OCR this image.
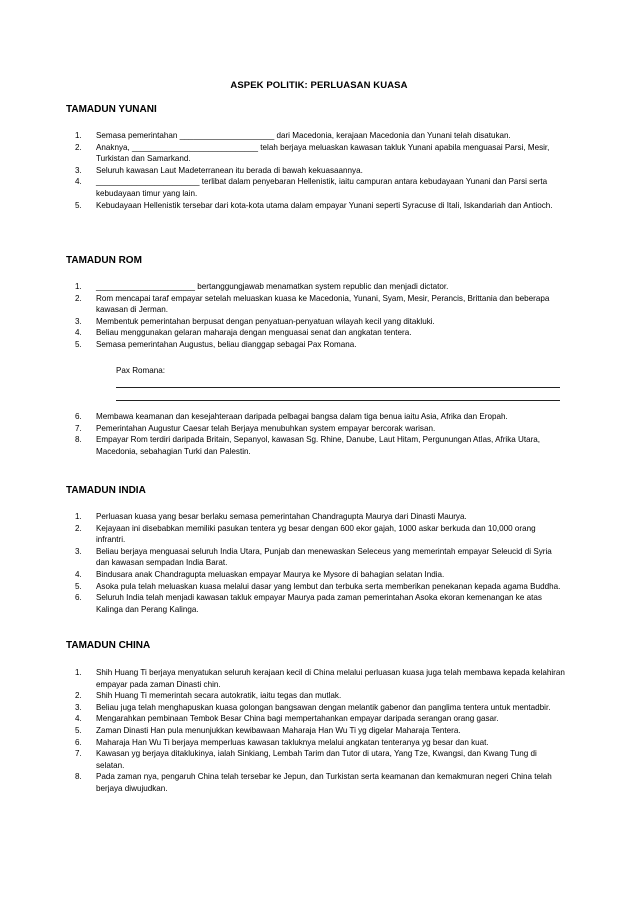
ASPEK POLITIK: PERLUASAN KUASA
TAMADUN YUNANI
1. Semasa pemerintahan _____________________ dari Macedonia, kerajaan Macedonia dan Yunani telah disatukan.
2. Anaknya, ____________________________ telah berjaya meluaskan kawasan takluk Yunani apabila menguasai Parsi, Mesir, Turkistan dan Samarkand.
3. Seluruh kawasan Laut Madeterranean itu berada di bawah kekuasaannya.
4. _______________________ terlibat dalam penyebaran Hellenistik, iaitu campuran antara kebudayaan Yunani dan Parsi serta kebudayaan timur yang lain.
5. Kebudayaan Hellenistik tersebar dari kota-kota utama dalam empayar Yunani seperti Syracuse di Itali, Iskandariah dan Antioch.
TAMADUN ROM
1. ______________________ bertanggungjawab menamatkan system republic dan menjadi dictator.
2. Rom mencapai taraf empayar setelah meluaskan kuasa ke Macedonia, Yunani, Syam, Mesir, Perancis, Brittania dan beberapa kawasan di Jerman.
3. Membentuk pemerintahan berpusat dengan penyatuan-penyatuan wilayah kecil yang ditakluki.
4. Beliau menggunakan gelaran maharaja dengan menguasai senat dan angkatan tentera.
5. Semasa pemerintahan Augustus, beliau dianggap sebagai Pax Romana.
Pax Romana:
6. Membawa keamanan dan kesejahteraan daripada pelbagai bangsa dalam tiga benua iaitu Asia, Afrika dan Eropah.
7. Pemerintahan Augustur Caesar telah Berjaya menubuhkan system empayar bercorak warisan.
8. Empayar Rom terdiri daripada Britain, Sepanyol, kawasan Sg. Rhine, Danube, Laut Hitam, Pergunungan Atlas, Afrika Utara, Macedonia, sebahagian Turki dan Palestin.
TAMADUN INDIA
1. Perluasan kuasa yang besar berlaku semasa pemerintahan Chandragupta Maurya dari Dinasti Maurya.
2. Kejayaan ini disebabkan memiliki pasukan tentera yg besar dengan 600 ekor gajah, 1000 askar berkuda dan 10,000 orang infrantri.
3. Beliau berjaya menguasai seluruh India Utara, Punjab dan menewaskan Seleceus yang memerintah empayar Seleucid di Syria dan kawasan sempadan India Barat.
4. Bindusara anak Chandragupta meluaskan empayar Maurya ke Mysore di bahagian selatan India.
5. Asoka pula telah meluaskan kuasa melalui dasar yang lembut dan terbuka serta memberikan penekanan kepada agama Buddha.
6. Seluruh India telah menjadi kawasan takluk empayar Maurya pada zaman pemerintahan Asoka ekoran kemenangan ke atas Kalinga dan Perang Kalinga.
TAMADUN CHINA
1. Shih Huang Ti berjaya menyatukan seluruh kerajaan kecil di China melalui perluasan kuasa juga telah membawa kepada kelahiran empayar pada zaman Dinasti chin.
2. Shih Huang Ti memerintah secara autokratik, iaitu tegas dan mutlak.
3. Beliau juga telah menghapuskan kuasa golongan bangsawan dengan melantik gabenor dan panglima tentera untuk mentadbir.
4. Mengarahkan pembinaan Tembok Besar China bagi mempertahankan empayar daripada serangan orang gasar.
5. Zaman Dinasti Han pula menunjukkan kewibawaan Maharaja Han Wu Ti yg digelar Maharaja Tentera.
6. Maharaja Han Wu Ti berjaya memperluas kawasan takluknya melalui angkatan tenteranya yg besar dan kuat.
7. Kawasan yg berjaya ditaklukinya, ialah Sinkiang, Lembah Tarim dan Tutor di utara, Yang Tze, Kwangsi, dan Kwang Tung di selatan.
8. Pada zaman nya, pengaruh China telah tersebar ke Jepun, dan Turkistan serta keamanan dan kemakmuran negeri China telah berjaya diwujudkan.
